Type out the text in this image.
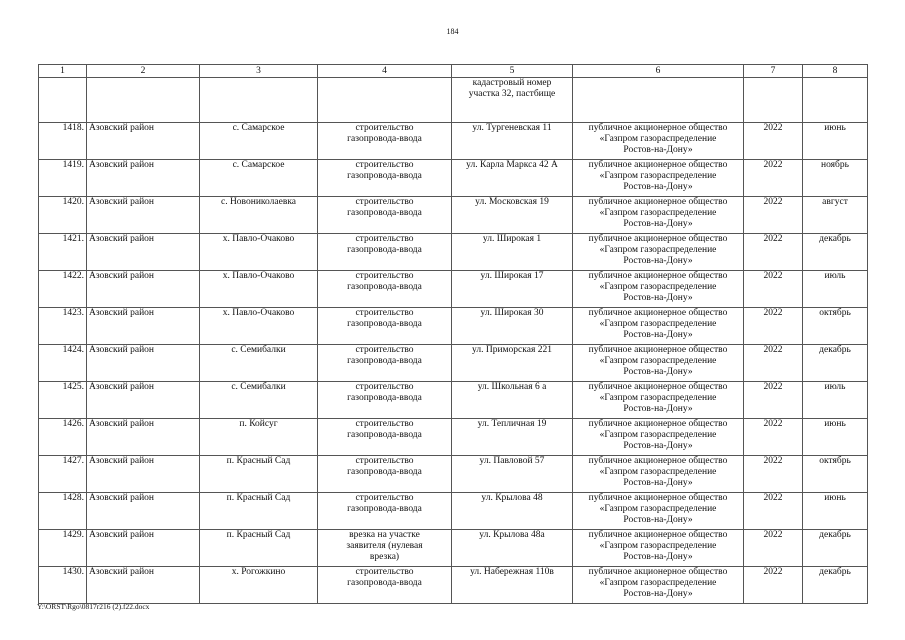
184
1	2	3	4	5	6	7	8
				кадастровый номер
участка 32, пастбище			
1418.	Азовский район	с. Самарское	строительство
газопровода-ввода	ул. Тургеневская 11	публичное акционерное общество
«Газпром газораспределение
Ростов-на-Дону»	2022	июнь
1419.	Азовский район	с. Самарское	строительство
газопровода-ввода	ул. Карла Маркса 42 А	публичное акционерное общество
«Газпром газораспределение
Ростов-на-Дону»	2022	ноябрь
1420.	Азовский район	с. Новониколаевка	строительство
газопровода-ввода	ул. Московская 19	публичное акционерное общество
«Газпром газораспределение
Ростов-на-Дону»	2022	август
1421.	Азовский район	х. Павло-Очаково	строительство
газопровода-ввода	ул. Широкая 1	публичное акционерное общество
«Газпром газораспределение
Ростов-на-Дону»	2022	декабрь
1422.	Азовский район	х. Павло-Очаково	строительство
газопровода-ввода	ул. Широкая 17	публичное акционерное общество
«Газпром газораспределение
Ростов-на-Дону»	2022	июль
1423.	Азовский район	х. Павло-Очаково	строительство
газопровода-ввода	ул. Широкая 30	публичное акционерное общество
«Газпром газораспределение
Ростов-на-Дону»	2022	октябрь
1424.	Азовский район	с. Семибалки	строительство
газопровода-ввода	ул. Приморская 221	публичное акционерное общество
«Газпром газораспределение
Ростов-на-Дону»	2022	декабрь
1425.	Азовский район	с. Семибалки	строительство
газопровода-ввода	ул. Школьная 6 а	публичное акционерное общество
«Газпром газораспределение
Ростов-на-Дону»	2022	июль
1426.	Азовский район	п. Койсуг	строительство
газопровода-ввода	ул. Тепличная 19	публичное акционерное общество
«Газпром газораспределение
Ростов-на-Дону»	2022	июнь
1427.	Азовский район	п. Красный Сад	строительство
газопровода-ввода	ул. Павловой 57	публичное акционерное общество
«Газпром газораспределение
Ростов-на-Дону»	2022	октябрь
1428.	Азовский район	п. Красный Сад	строительство
газопровода-ввода	ул. Крылова 48	публичное акционерное общество
«Газпром газораспределение
Ростов-на-Дону»	2022	июнь
1429.	Азовский район	п. Красный Сад	врезка на участке
заявителя (нулевая
врезка)	ул. Крылова 48а	публичное акционерное общество
«Газпром газораспределение
Ростов-на-Дону»	2022	декабрь
1430.	Азовский район	х. Рогожкино	строительство
газопровода-ввода	ул. Набережная 110в	публичное акционерное общество
«Газпром газораспределение
Ростов-на-Дону»	2022	декабрь
Y:\ORST\Rgo\0817r216 (2).f22.docx
